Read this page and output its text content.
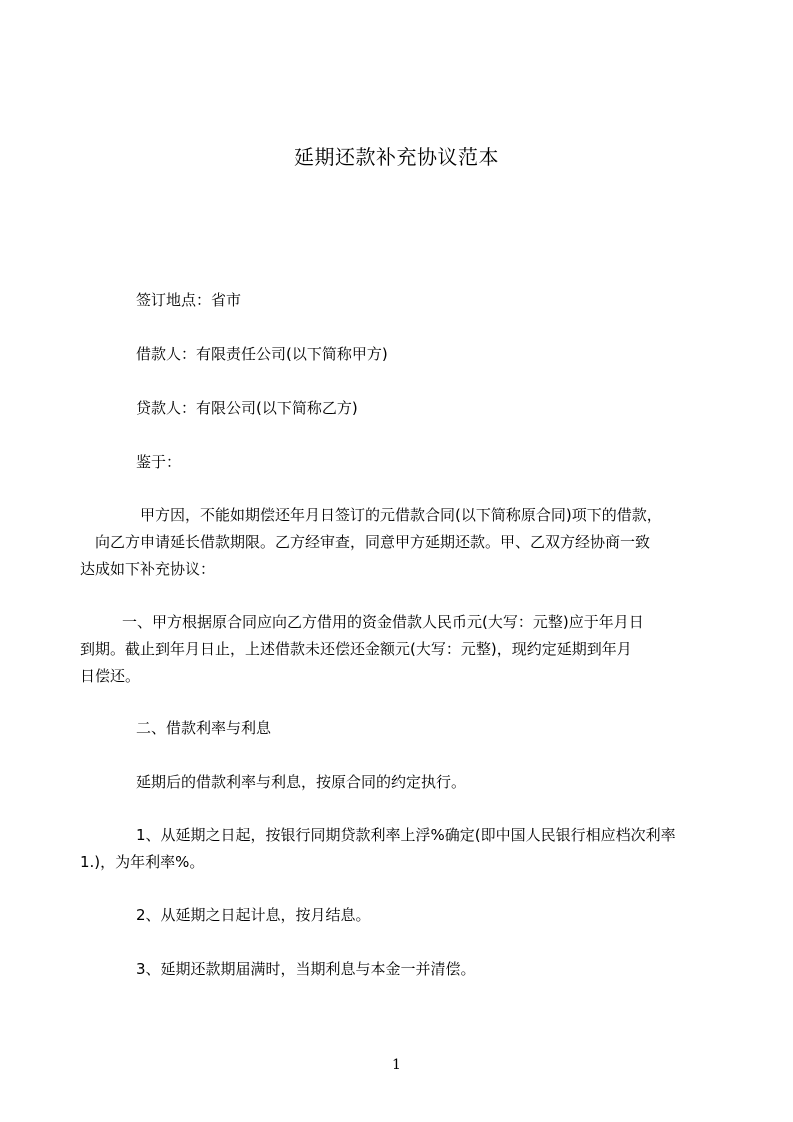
延期还款补充协议范本
签订地点：省市
借款人：有限责任公司(以下简称甲方)
贷款人：有限公司(以下简称乙方)
鉴于：
甲方因，不能如期偿还年月日签订的元借款合同(以下简称原合同)项下的借款，
向乙方申请延长借款期限。乙方经审查，同意甲方延期还款。甲、乙双方经协商一致
达成如下补充协议：
一、甲方根据原合同应向乙方借用的资金借款人民币元(大写：元整)应于年月日
到期。截止到年月日止，上述借款未还偿还金额元(大写：元整)，现约定延期到年月
日偿还。
二、借款利率与利息
延期后的借款利率与利息，按原合同的约定执行。
1、从延期之日起，按银行同期贷款利率上浮%确定(即中国人民银行相应档次利率
1.)，为年利率%。
2、从延期之日起计息，按月结息。
3、延期还款期届满时，当期利息与本金一并清偿。
1
